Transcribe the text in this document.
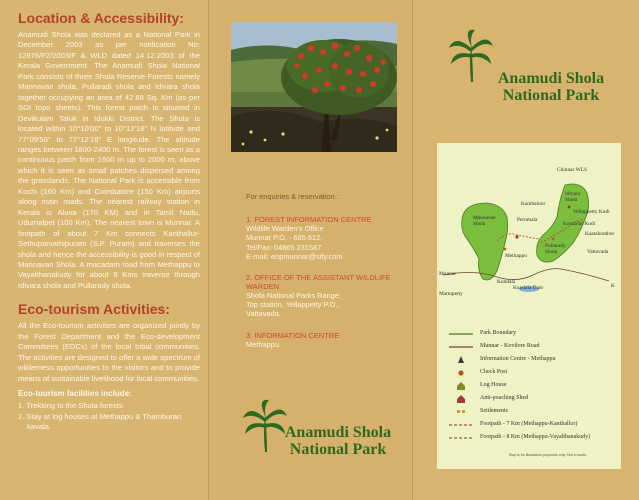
Location & Accessibility:

Anamudi Shola was declared as a National Park in December 2003 as per notification No: 12876/F2/2003/F & WLD dated 14.12.2003 of the Kerala Government. The Anamudi Shola National Park consists of three Shola Reserve Forests namely Mannavan shola, Pullaradi shola and Idivara shola together occupying an area of 42.68 Sq. Km (as per SOI topo sheets). This forest patch is situated in Devikulam Taluk in Idukki District. The Shola is located within 10°10'00" to 10°12'18" N latitude and 77°09'50" to 77°12'18" E longitude. The altitude ranges between 1800-2400 m. The forest is seen as a continuous patch from 1600 m up to 2000 m, above which it is seen as small patches dispersed among the grasslands. The National Park is accessible from Kochi (160 Km) and Coimbatore (150 Km) airports along main roads. The nearest railway station in Kerala is Aluva (170 KM) and in Tamil Nadu, Udumalpet (100 Km). The nearest town is Munnar. A footpath of about 7 Km connects Kanthallur-Sethuparvathipuram (S.P. Puram) and traverses the shola and hence the accessibility is good in respect of Mannavan Shola. A macadam road from Methappu to Vayalthanakudy for about 8 Kms traverse through Idivara shola and Pullarady shola.

Eco-tourism Activities:

All the Eco-tourism activities are organized jointly by the Forest Department and the Eco-development Committees (EDCs) of the local tribal communities. The activities are designed to offer a wide spectrum of wilderness opportunities to the visitors and to provide means of sustainable livelihood for local communities.

Eco-tourism facilities include:
1. Trekking to the Shola forests
2. Stay at log houses at Methappu & Thamburan kavala.
For enquiries & reservation :
1. FOREST INFORMATION CENTRE
Wildlife Warden's Office
Munnar P.O. - 685 612.
Tel/Fax: 04865 231587
E-mail: enpmunnar@sify.com
2. OFFICE OF THE ASSISTANT WILDLIFE WARDEN
Shola National Parks Range,
Top station, Yellappetty P.O.,
Vattavada.
3. INFORMATION CENTRE
Methappu.
Anamudi Shola
National Park
Anamudi Shola
National Park
Chinnar WLS
Kanthaloor
Idivara Shola
Vellappetty Kudi
Mannavan Shola
Perumala
Koodalar Kudi
Kaatakombor
Pullarady Shola	Vattavada
Methappu
Munnar
Kundala
Kundala Dam
Mattupetty
K
Park Boundary
Munnar - Kovilore Road
Information Centre - Methappu
Check Post
Log House
Anti-poaching Shed
Settlements
Footpath - 7 Km (Methappu-Kanthallor)
Footpath - 8 Km (Methappu-Vayalthanakudy)
Map is for illustration purposes only. Not to scale.
